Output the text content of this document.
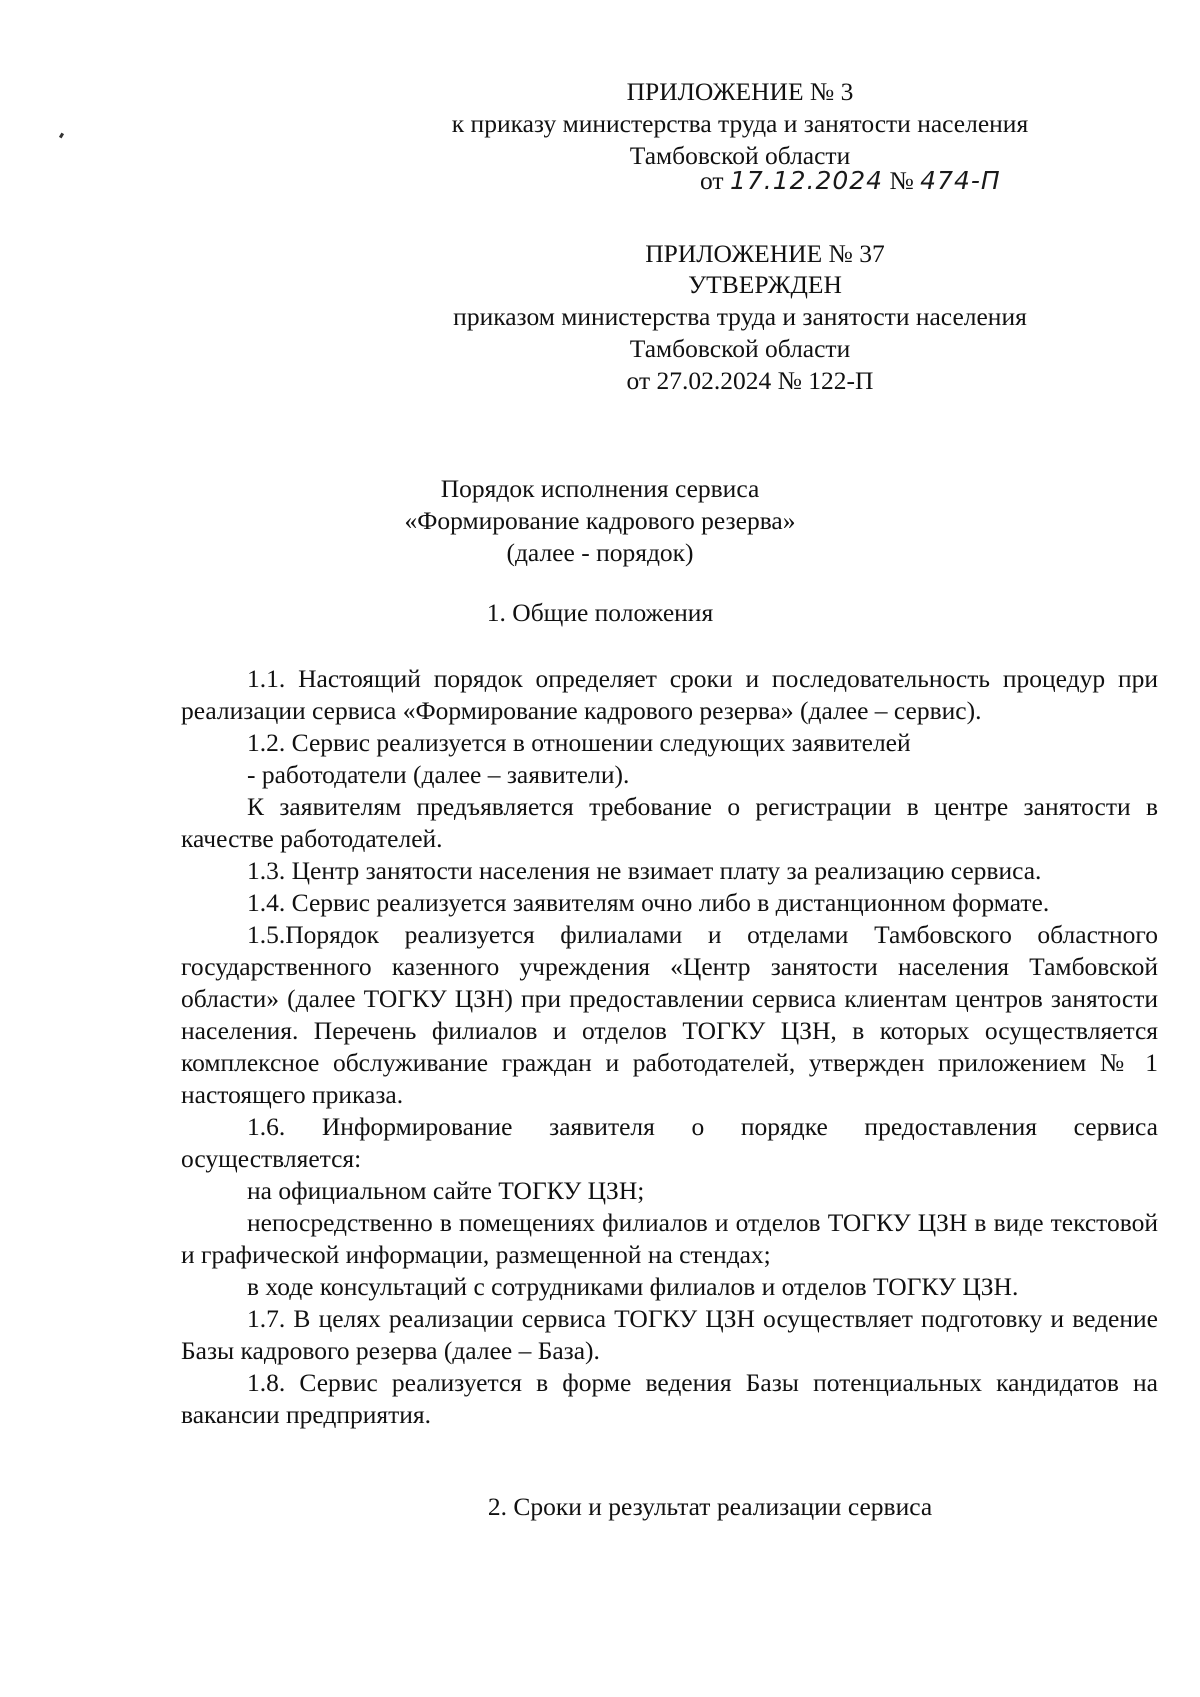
ПРИЛОЖЕНИЕ № 3
к приказу министерства труда и занятости населения
Тамбовской области
от 17.12.2024 № 474-П
ПРИЛОЖЕНИЕ № 37
УТВЕРЖДЕН
приказом министерства труда и занятости населения
Тамбовской области
от 27.02.2024 № 122-П
Порядок исполнения сервиса
«Формирование кадрового резерва»
(далее - порядок)
1. Общие положения

1.1. Настоящий порядок определяет сроки и последовательность процедур при реализации сервиса «Формирование кадрового резерва» (далее – сервис).

1.2. Сервис реализуется в отношении следующих заявителей

- работодатели (далее – заявители).

К заявителям предъявляется требование о регистрации в центре занятости в качестве работодателей.

1.3. Центр занятости населения не взимает плату за реализацию сервиса.

1.4. Сервис реализуется заявителям очно либо в дистанционном формате.

1.5.Порядок реализуется филиалами и отделами Тамбовского областного государственного казенного учреждения «Центр занятости населения Тамбовской области» (далее ТОГКУ ЦЗН) при предоставлении сервиса клиентам центров занятости населения. Перечень филиалов и отделов ТОГКУ ЦЗН, в которых осуществляется комплексное обслуживание граждан и работодателей, утвержден приложением № 1 настоящего приказа.

1.6. Информирование заявителя о порядке предоставления сервиса осуществляется:

на официальном сайте ТОГКУ ЦЗН;

непосредственно в помещениях филиалов и отделов ТОГКУ ЦЗН в виде текстовой и графической информации, размещенной на стендах;

в ходе консультаций с сотрудниками филиалов и отделов ТОГКУ ЦЗН.

1.7. В целях реализации сервиса ТОГКУ ЦЗН осуществляет подготовку и ведение Базы кадрового резерва (далее – База).

1.8. Сервис реализуется в форме ведения Базы потенциальных кандидатов на вакансии предприятия.

2. Сроки и результат реализации сервиса
